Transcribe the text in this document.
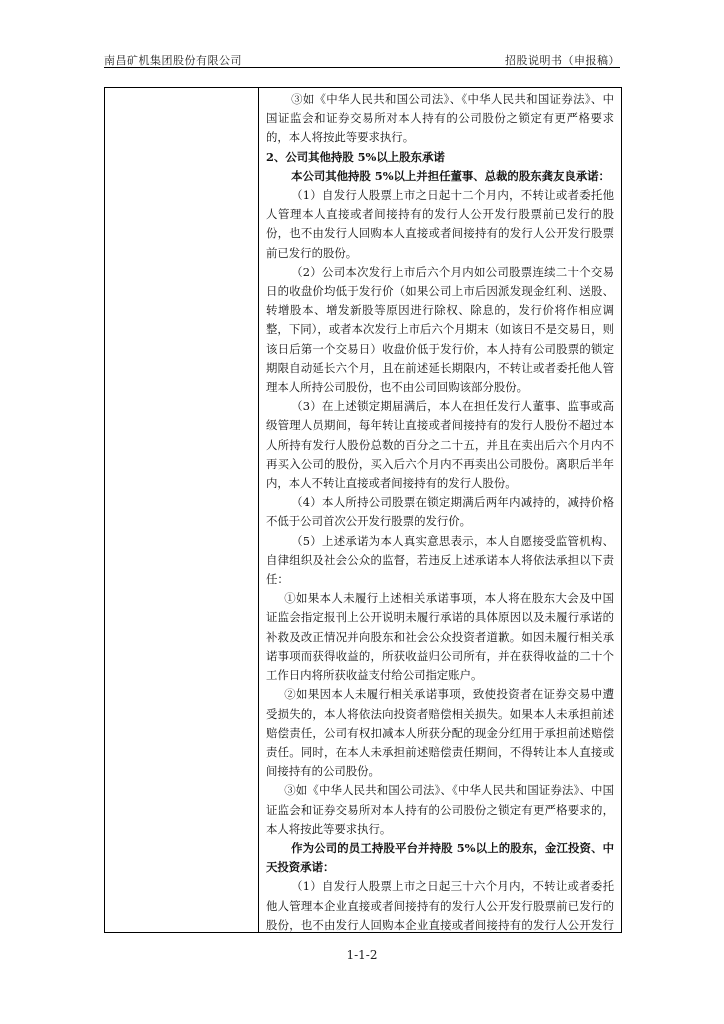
南昌矿机集团股份有限公司	招股说明书（申报稿）

③如《中华人民共和国公司法》、《中华人民共和国证券法》、中国证监会和证券交易所对本人持有的公司股份之锁定有更严格要求的，本人将按此等要求执行。

2、公司其他持股 5%以上股东承诺

本公司其他持股 5%以上并担任董事、总裁的股东龚友良承诺：

（1）自发行人股票上市之日起十二个月内，不转让或者委托他人管理本人直接或者间接持有的发行人公开发行股票前已发行的股份，也不由发行人回购本人直接或者间接持有的发行人公开发行股票前已发行的股份。

（2）公司本次发行上市后六个月内如公司股票连续二十个交易日的收盘价均低于发行价（如果公司上市后因派发现金红利、送股、转增股本、增发新股等原因进行除权、除息的，发行价将作相应调整，下同），或者本次发行上市后六个月期末（如该日不是交易日，则该日后第一个交易日）收盘价低于发行价，本人持有公司股票的锁定期限自动延长六个月，且在前述延长期限内，不转让或者委托他人管理本人所持公司股份，也不由公司回购该部分股份。

（3）在上述锁定期届满后，本人在担任发行人董事、监事或高级管理人员期间，每年转让直接或者间接持有的发行人股份不超过本人所持有发行人股份总数的百分之二十五，并且在卖出后六个月内不再买入公司的股份，买入后六个月内不再卖出公司股份。离职后半年内，本人不转让直接或者间接持有的发行人股份。

（4）本人所持公司股票在锁定期满后两年内减持的，减持价格不低于公司首次公开发行股票的发行价。

（5）上述承诺为本人真实意思表示，本人自愿接受监管机构、自律组织及社会公众的监督，若违反上述承诺本人将依法承担以下责任：

①如果本人未履行上述相关承诺事项，本人将在股东大会及中国证监会指定报刊上公开说明未履行承诺的具体原因以及未履行承诺的补救及改正情况并向股东和社会公众投资者道歉。如因未履行相关承诺事项而获得收益的，所获收益归公司所有，并在获得收益的二十个工作日内将所获收益支付给公司指定账户。

②如果因本人未履行相关承诺事项，致使投资者在证券交易中遭受损失的，本人将依法向投资者赔偿相关损失。如果本人未承担前述赔偿责任，公司有权扣减本人所获分配的现金分红用于承担前述赔偿责任。同时，在本人未承担前述赔偿责任期间，不得转让本人直接或间接持有的公司股份。

③如《中华人民共和国公司法》、《中华人民共和国证券法》、中国证监会和证券交易所对本人持有的公司股份之锁定有更严格要求的，本人将按此等要求执行。

作为公司的员工持股平台并持股 5%以上的股东，金江投资、中天投资承诺：

（1）自发行人股票上市之日起三十六个月内，不转让或者委托他人管理本企业直接或者间接持有的发行人公开发行股票前已发行的股份，也不由发行人回购本企业直接或者间接持有的发行人公开发行

1-1-2
